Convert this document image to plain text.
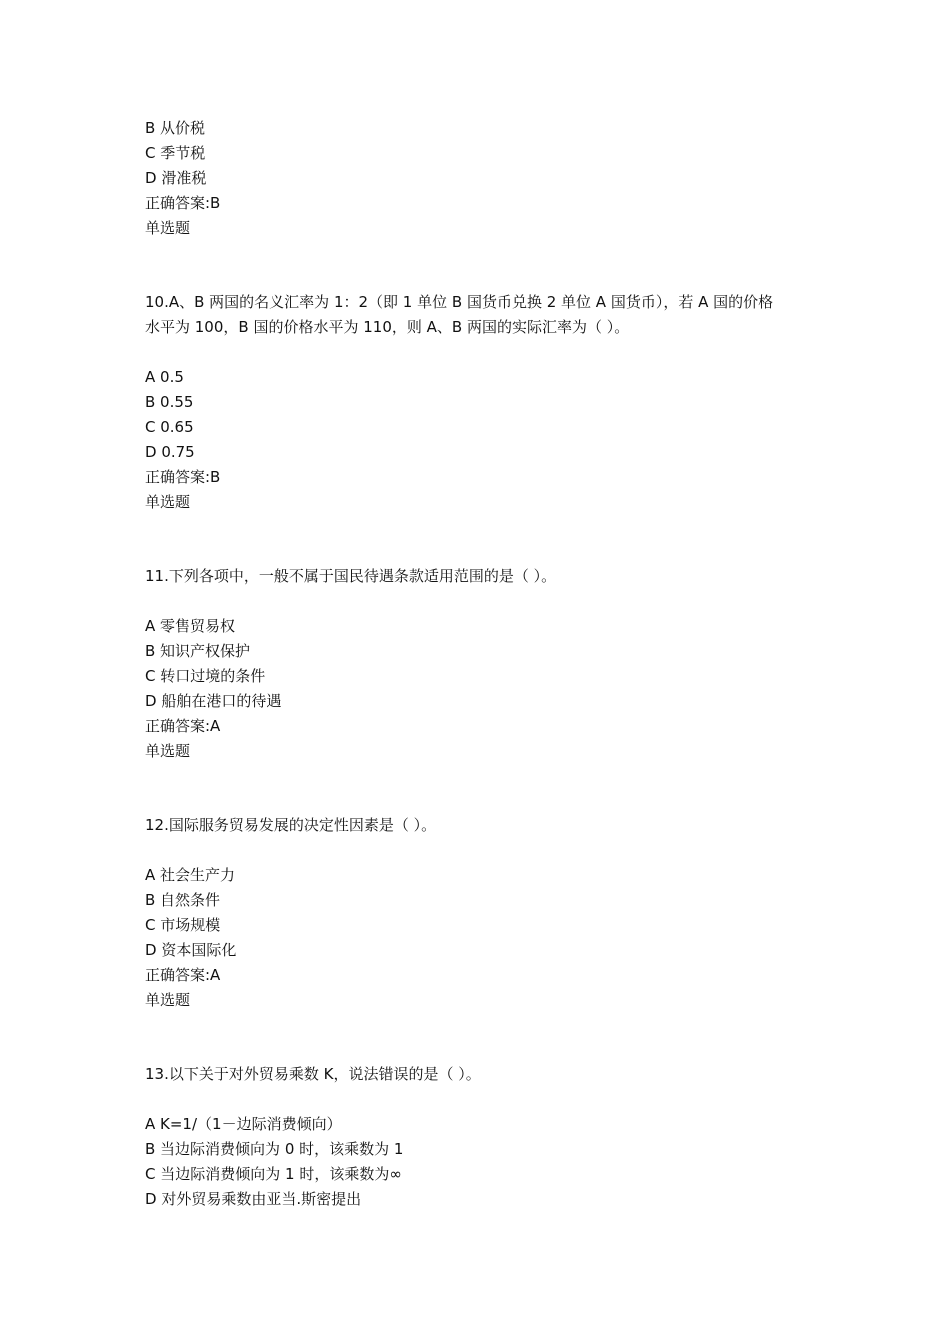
B 从价税
C 季节税
D 滑准税
正确答案:B
单选题
10.A、B 两国的名义汇率为 1：2（即 1 单位 B 国货币兑换 2 单位 A 国货币），若 A 国的价格
水平为 100，B 国的价格水平为 110，则 A、B 两国的实际汇率为（ ）。
A 0.5
B 0.55
C 0.65
D 0.75
正确答案:B
单选题
11.下列各项中，一般不属于国民待遇条款适用范围的是（ ）。
A 零售贸易权
B 知识产权保护
C 转口过境的条件
D 船舶在港口的待遇
正确答案:A
单选题
12.国际服务贸易发展的决定性因素是（ ）。
A 社会生产力
B 自然条件
C 市场规模
D 资本国际化
正确答案:A
单选题
13.以下关于对外贸易乘数 K，说法错误的是（ ）。
A K=1/（1－边际消费倾向）
B 当边际消费倾向为 0 时，该乘数为 1
C 当边际消费倾向为 1 时，该乘数为∞
D 对外贸易乘数由亚当.斯密提出
